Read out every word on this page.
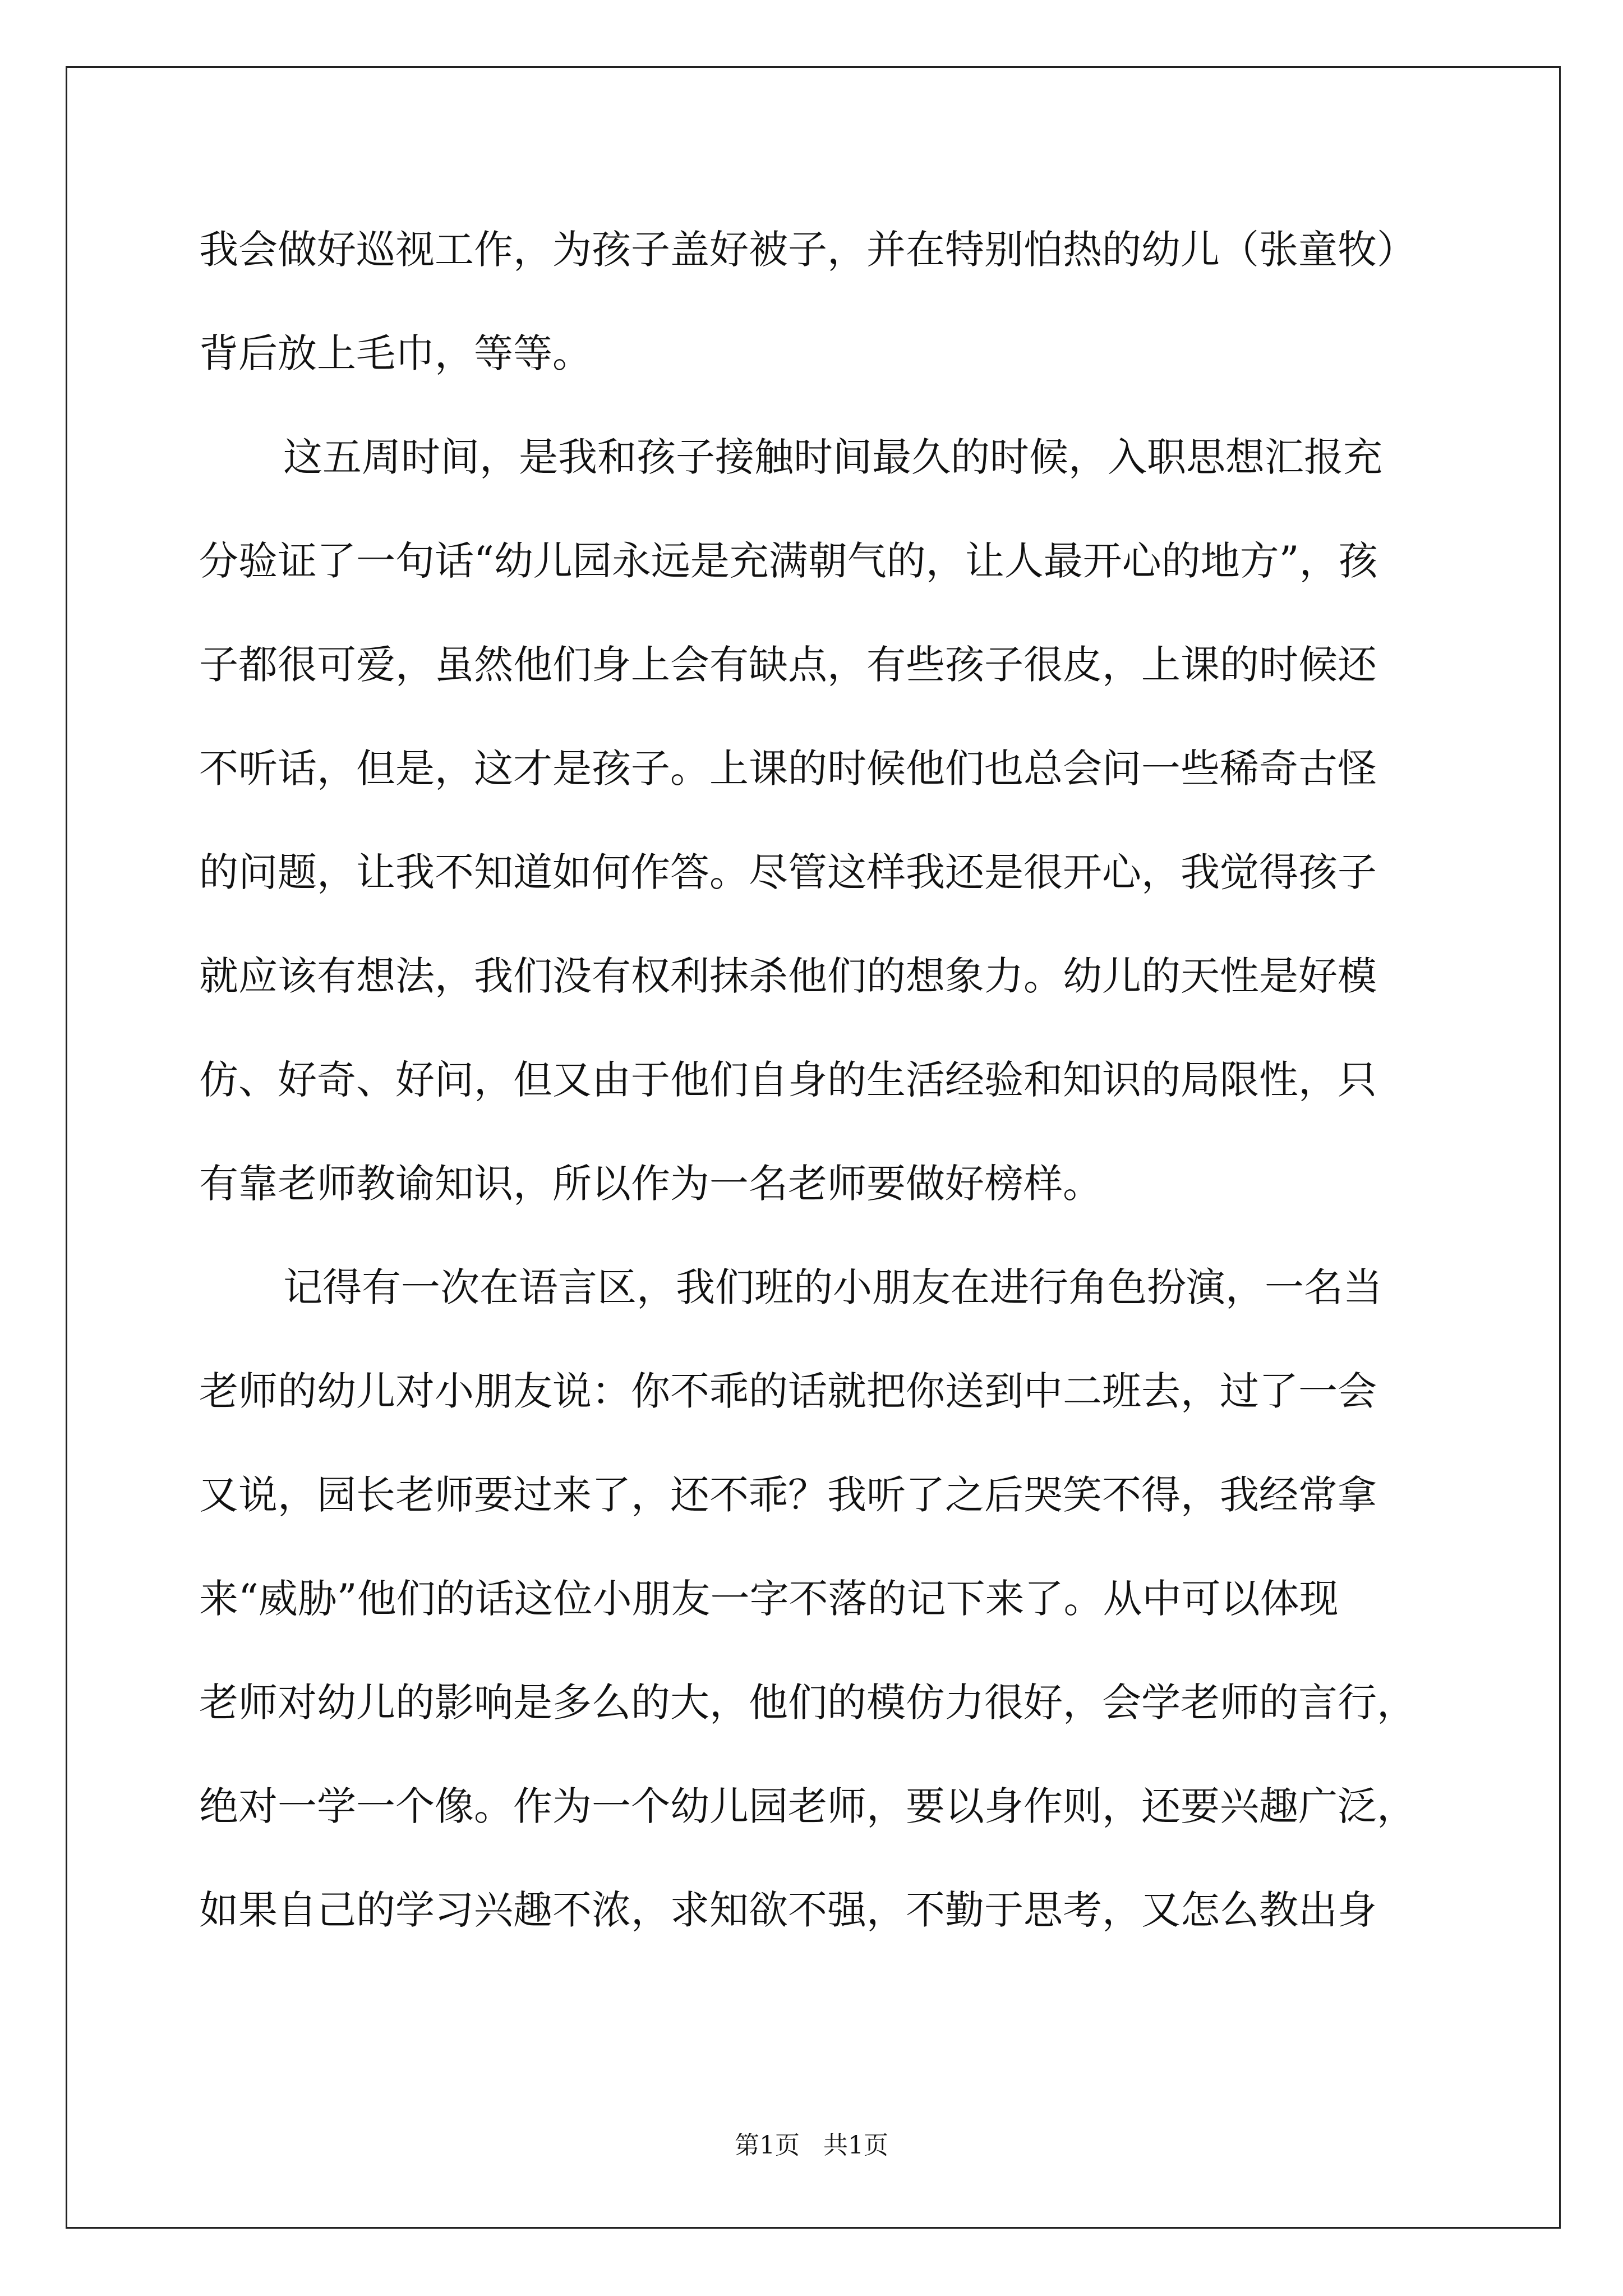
我会做好巡视工作，为孩子盖好被子，并在特别怕热的幼儿（张童牧）

背后放上毛巾，等等。

这五周时间，是我和孩子接触时间最久的时候，入职思想汇报充

分验证了一句话“幼儿园永远是充满朝气的，让人最开心的地方”，孩

子都很可爱，虽然他们身上会有缺点，有些孩子很皮，上课的时候还

不听话，但是，这才是孩子。上课的时候他们也总会问一些稀奇古怪

的问题，让我不知道如何作答。尽管这样我还是很开心，我觉得孩子

就应该有想法，我们没有权利抹杀他们的想象力。幼儿的天性是好模

仿、好奇、好问，但又由于他们自身的生活经验和知识的局限性，只

有靠老师教谕知识，所以作为一名老师要做好榜样。

记得有一次在语言区，我们班的小朋友在进行角色扮演，一名当

老师的幼儿对小朋友说：你不乖的话就把你送到中二班去，过了一会

又说，园长老师要过来了，还不乖？我听了之后哭笑不得，我经常拿

来“威胁”他们的话这位小朋友一字不落的记下来了。从中可以体现

老师对幼儿的影响是多么的大，他们的模仿力很好，会学老师的言行，

绝对一学一个像。作为一个幼儿园老师，要以身作则，还要兴趣广泛，

如果自己的学习兴趣不浓，求知欲不强，不勤于思考，又怎么教出身

第1页   共1页
